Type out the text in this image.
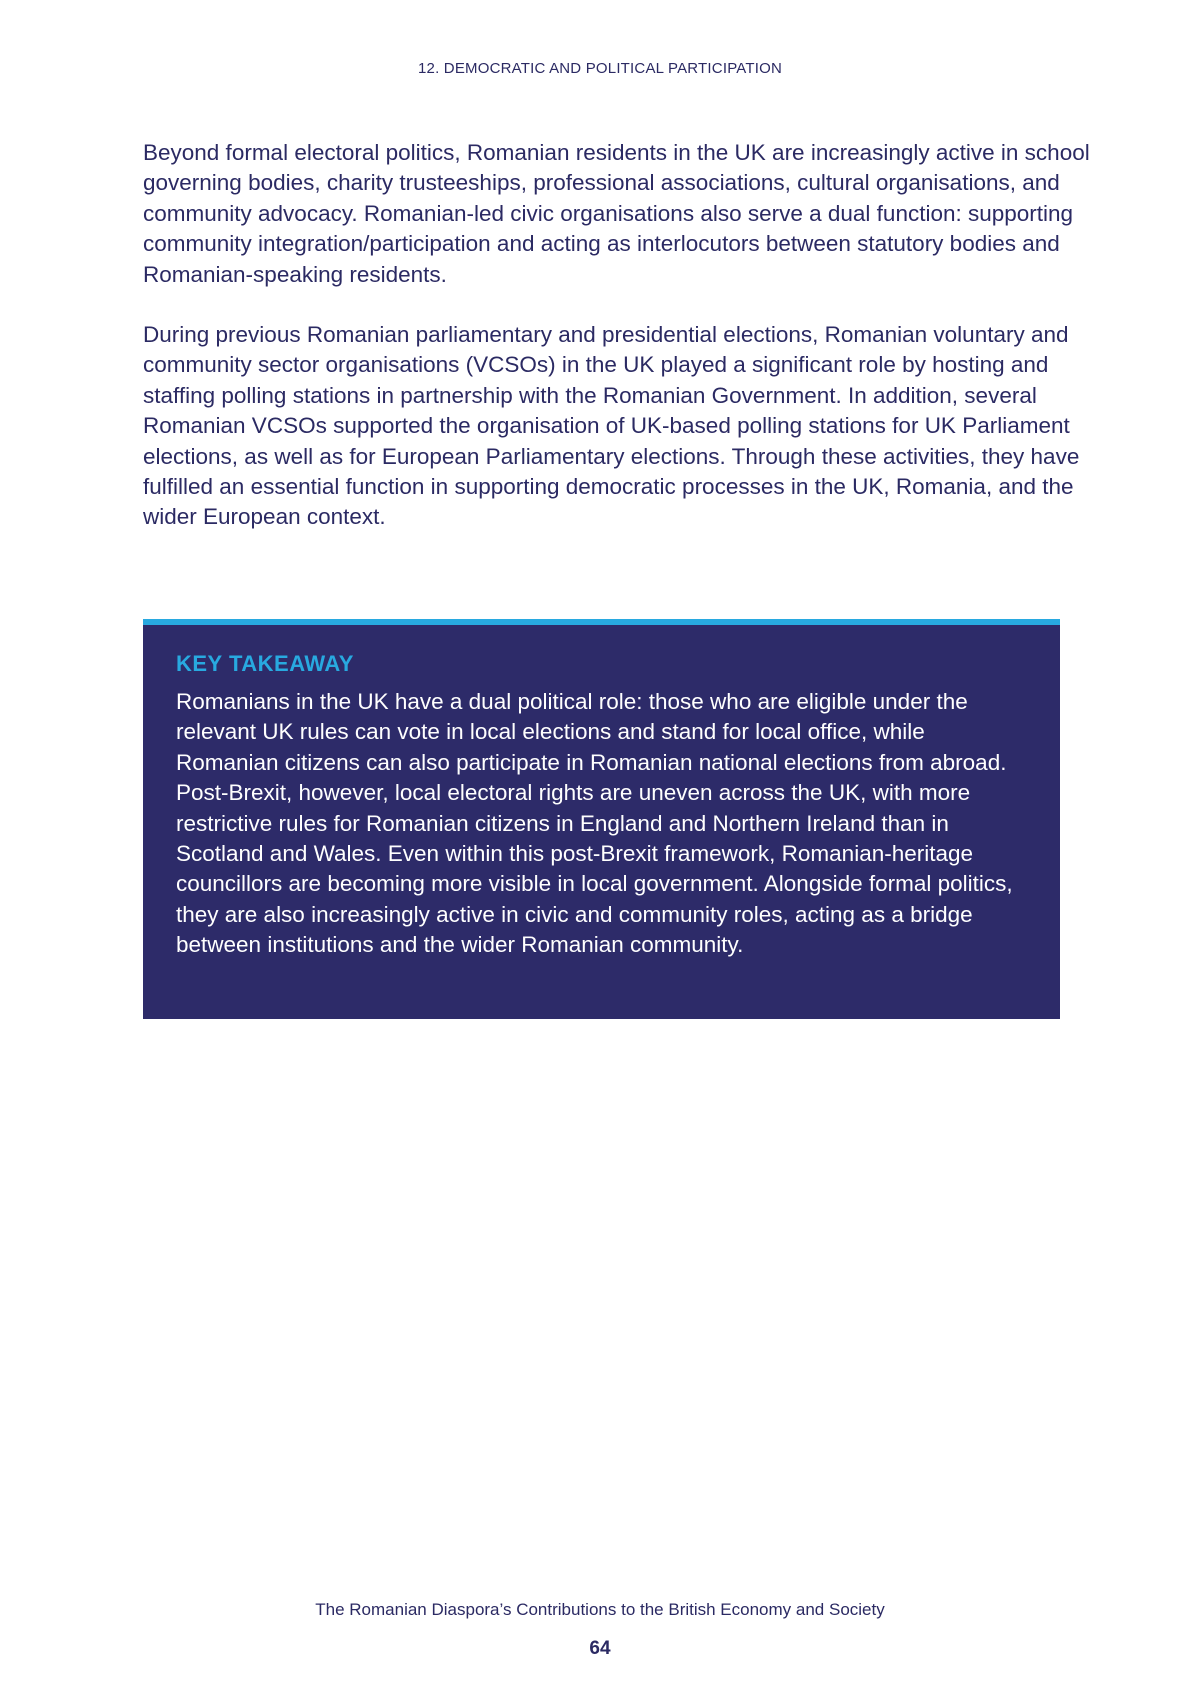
12. DEMOCRATIC AND POLITICAL PARTICIPATION

Beyond formal electoral politics, Romanian residents in the UK are increasingly active in school governing bodies, charity trusteeships, professional associations, cultural organisations, and community advocacy. Romanian-led civic organisations also serve a dual function: supporting community integration/participation and acting as interlocutors between statutory bodies and Romanian-speaking residents.

During previous Romanian parliamentary and presidential elections, Romanian voluntary and community sector organisations (VCSOs) in the UK played a significant role by hosting and staffing polling stations in partnership with the Romanian Government. In addition, several Romanian VCSOs supported the organisation of UK-based polling stations for UK Parliament elections, as well as for European Parliamentary elections. Through these activities, they have fulfilled an essential function in supporting democratic processes in the UK, Romania, and the wider European context.

KEY TAKEAWAY

Romanians in the UK have a dual political role: those who are eligible under the relevant UK rules can vote in local elections and stand for local office, while Romanian citizens can also participate in Romanian national elections from abroad. Post-Brexit, however, local electoral rights are uneven across the UK, with more restrictive rules for Romanian citizens in England and Northern Ireland than in Scotland and Wales. Even within this post-Brexit framework, Romanian-heritage councillors are becoming more visible in local government. Alongside formal politics, they are also increasingly active in civic and community roles, acting as a bridge between institutions and the wider Romanian community.

The Romanian Diaspora’s Contributions to the British Economy and Society
64
